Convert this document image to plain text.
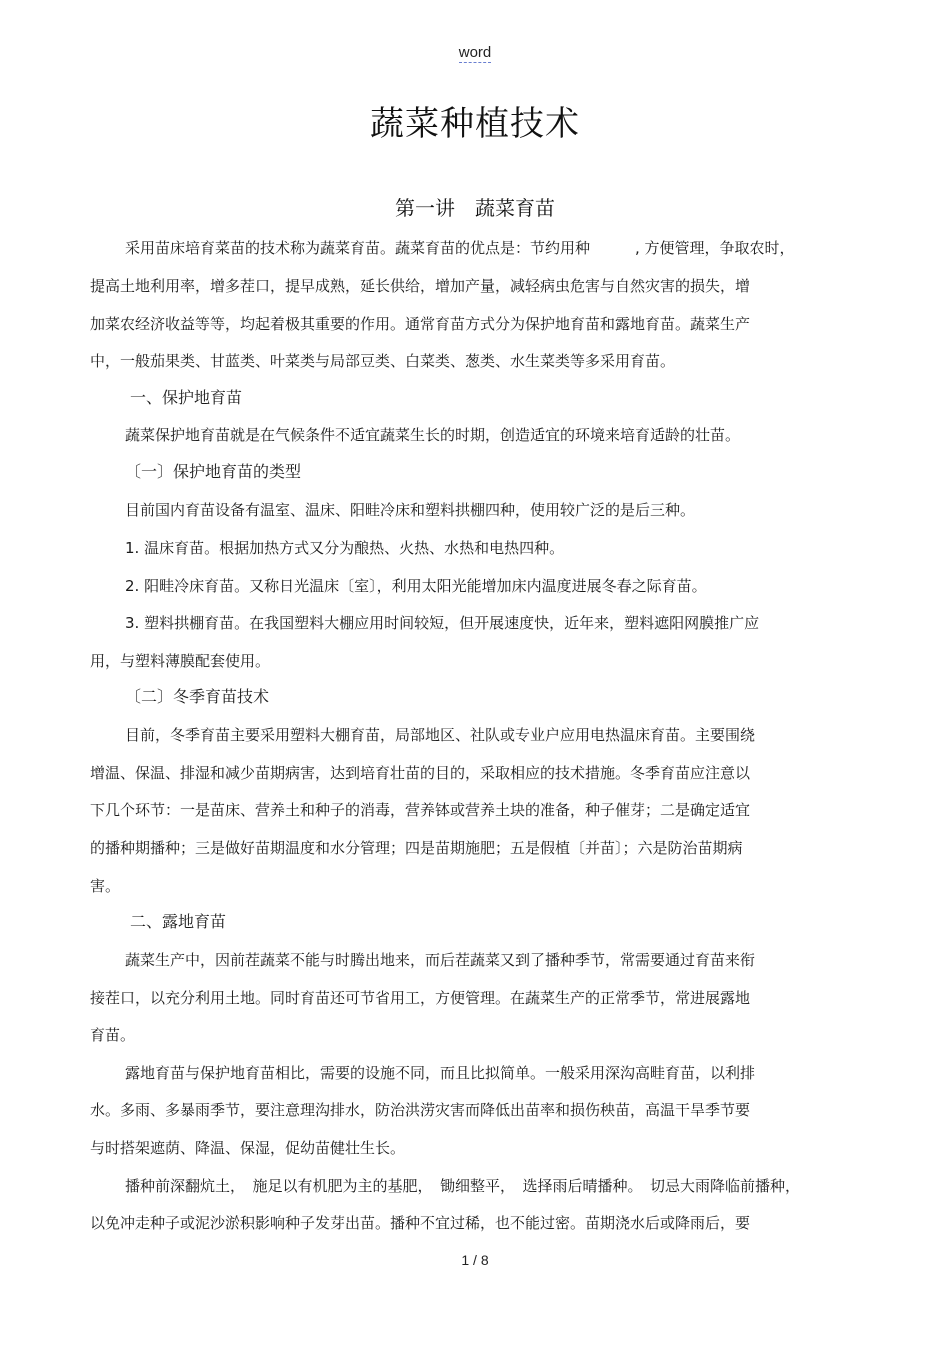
word
蔬菜种植技术
第一讲　蔬菜育苗
采用苗床培育菜苗的技术称为蔬菜育苗。蔬菜育苗的优点是：节约用种　　　, 方便管理，争取农时，
提高土地利用率，增多茬口，提早成熟，延长供给，增加产量，减轻病虫危害与自然灾害的损失，增
加菜农经济收益等等，均起着极其重要的作用。通常育苗方式分为保护地育苗和露地育苗。蔬菜生产
中，一般茄果类、甘蓝类、叶菜类与局部豆类、白菜类、葱类、水生菜类等多采用育苗。
一、保护地育苗
蔬菜保护地育苗就是在气候条件不适宜蔬菜生长的时期，创造适宜的环境来培育适龄的壮苗。
〔一〕保护地育苗的类型
目前国内育苗设备有温室、温床、阳畦冷床和塑料拱棚四种，使用较广泛的是后三种。
1. 温床育苗。根据加热方式又分为酿热、火热、水热和电热四种。
2. 阳畦冷床育苗。又称日光温床〔室〕，利用太阳光能增加床内温度进展冬春之际育苗。
3. 塑料拱棚育苗。在我国塑料大棚应用时间较短，但开展速度快，近年来，塑料遮阳网膜推广应
用，与塑料薄膜配套使用。
〔二〕冬季育苗技术
目前，冬季育苗主要采用塑料大棚育苗，局部地区、社队或专业户应用电热温床育苗。主要围绕
增温、保温、排湿和减少苗期病害，达到培育壮苗的目的，采取相应的技术措施。冬季育苗应注意以
下几个环节：一是苗床、营养土和种子的消毒，营养钵或营养土块的准备，种子催芽；二是确定适宜
的播种期播种；三是做好苗期温度和水分管理；四是苗期施肥；五是假植〔并苗〕；六是防治苗期病
害。
二、露地育苗
蔬菜生产中，因前茬蔬菜不能与时腾出地来，而后茬蔬菜又到了播种季节，常需要通过育苗来衔
接茬口，以充分利用土地。同时育苗还可节省用工，方便管理。在蔬菜生产的正常季节，常进展露地
育苗。
露地育苗与保护地育苗相比，需要的设施不同，而且比拟简单。一般采用深沟高畦育苗，以利排
水。多雨、多暴雨季节，要注意理沟排水，防治洪涝灾害而降低出苗率和损伤秧苗，高温干旱季节要
与时搭架遮荫、降温、保湿，促幼苗健壮生长。
播种前深翻炕土，　施足以有机肥为主的基肥，　锄细整平，　选择雨后晴播种。　切忌大雨降临前播种，
以免冲走种子或泥沙淤积影响种子发芽出苗。播种不宜过稀，也不能过密。苗期浇水后或降雨后，要
1 / 8
